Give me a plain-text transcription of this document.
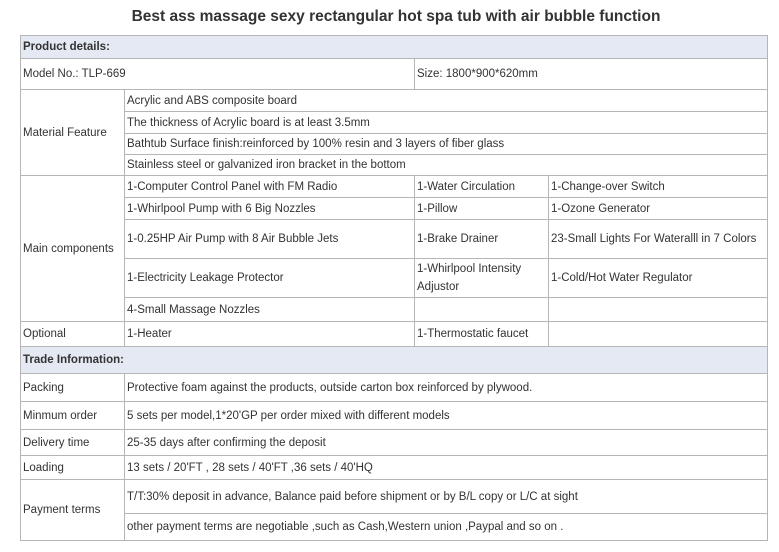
Best ass massage sexy rectangular hot spa tub with air bubble function
Product details:			
Model No.: TLP-669		Size: 1800*900*620mm	
Material Feature	Acrylic and ABS composite board		
	The thickness of Acrylic board is at least 3.5mm		
	Bathtub Surface finish:reinforced by 100% resin and 3 layers of fiber glass		
	Stainless steel or galvanized iron bracket in the bottom		
Main components	1-Computer Control Panel with FM Radio	1-Water Circulation	1-Change-over Switch
	1-Whirlpool Pump with 6 Big Nozzles	1-Pillow	1-Ozone Generator
	1-0.25HP Air Pump with 8 Air Bubble Jets	1-Brake Drainer	23-Small Lights For Wateralll in 7 Colors
	1-Electricity Leakage Protector	1-Whirlpool Intensity Adjustor	1-Cold/Hot Water Regulator
	4-Small Massage Nozzles		
Optional	1-Heater	1-Thermostatic faucet	
Trade Information:			
Packing	Protective foam against the products, outside carton box reinforced by plywood.		
Minmum order	5 sets per model,1*20'GP per order mixed with different models		
Delivery time	25-35 days after confirming the deposit		
Loading	13 sets / 20'FT , 28 sets / 40'FT ,36 sets / 40'HQ		
Payment terms	T/T:30% deposit in advance, Balance paid before shipment or by B/L copy or L/C at sight		
	other payment terms are negotiable ,such as Cash,Western union ,Paypal and so on .		
